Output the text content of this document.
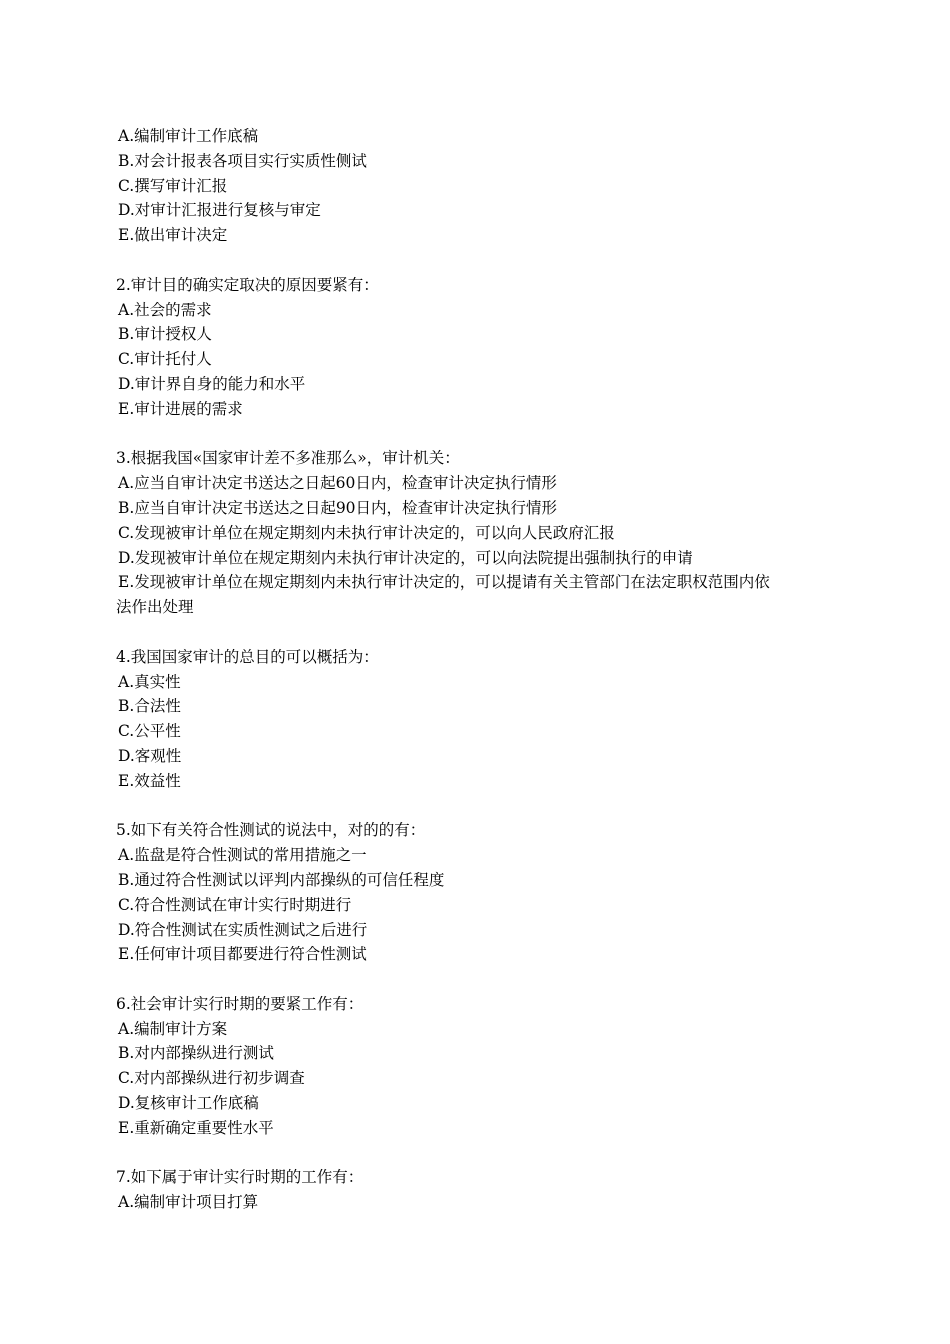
A.编制审计工作底稿
B.对会计报表各项目实行实质性侧试
C.撰写审计汇报
D.对审计汇报进行复核与审定
E.做出审计决定
2.审计目的确实定取决的原因要紧有：
A.社会的需求
B.审计授权人
C.审计托付人
D.审计界自身的能力和水平
E.审计进展的需求
3.根据我国«国家审计差不多准那么»，审计机关：
A.应当自审计决定书送达之日起60日内，检查审计决定执行情形
B.应当自审计决定书送达之日起90日内，检查审计决定执行情形
C.发现被审计单位在规定期刻内未执行审计决定的，可以向人民政府汇报
D.发现被审计单位在规定期刻内未执行审计决定的，可以向法院提出强制执行的申请
E.发现被审计单位在规定期刻内未执行审计决定的，可以提请有关主管部门在法定职权范围内依
法作出处理
4.我国国家审计的总目的可以概括为：
A.真实性
B.合法性
C.公平性
D.客观性
E.效益性
5.如下有关符合性测试的说法中，对的的有：
A.监盘是符合性测试的常用措施之一
B.通过符合性测试以评判内部操纵的可信任程度
C.符合性测试在审计实行时期进行
D.符合性测试在实质性测试之后进行
E.任何审计项目都要进行符合性测试
6.社会审计实行时期的要紧工作有：
A.编制审计方案
B.对内部操纵进行测试
C.对内部操纵进行初步调查
D.复核审计工作底稿
E.重新确定重要性水平
7.如下属于审计实行时期的工作有：
A.编制审计项目打算
